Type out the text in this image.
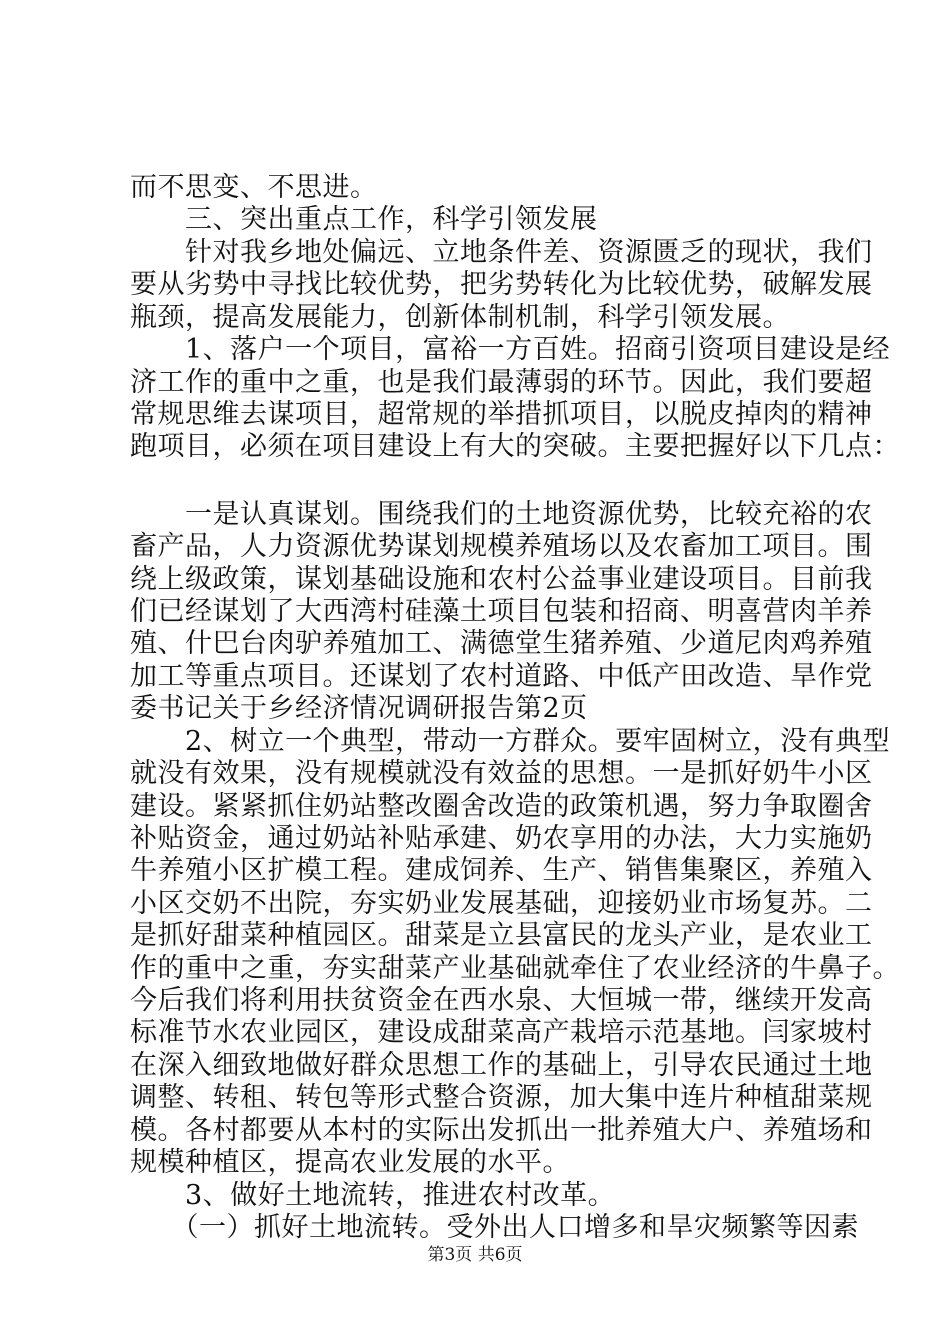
而不思变、不思进。
　　三、突出重点工作，科学引领发展
　　针对我乡地处偏远、立地条件差、资源匮乏的现状，我们
要从劣势中寻找比较优势，把劣势转化为比较优势，破解发展
瓶颈，提高发展能力，创新体制机制，科学引领发展。
　　1、落户一个项目，富裕一方百姓。招商引资项目建设是经
济工作的重中之重，也是我们最薄弱的环节。因此，我们要超
常规思维去谋项目，超常规的举措抓项目，以脱皮掉肉的精神
跑项目，必须在项目建设上有大的突破。主要把握好以下几点：
　　一是认真谋划。围绕我们的土地资源优势，比较充裕的农
畜产品，人力资源优势谋划规模养殖场以及农畜加工项目。围
绕上级政策，谋划基础设施和农村公益事业建设项目。目前我
们已经谋划了大西湾村硅藻土项目包装和招商、明喜营肉羊养
殖、什巴台肉驴养殖加工、满德堂生猪养殖、少道尼肉鸡养殖
加工等重点项目。还谋划了农村道路、中低产田改造、旱作党
委书记关于乡经济情况调研报告第2页
　　2、树立一个典型，带动一方群众。要牢固树立，没有典型
就没有效果，没有规模就没有效益的思想。一是抓好奶牛小区
建设。紧紧抓住奶站整改圈舍改造的政策机遇，努力争取圈舍
补贴资金，通过奶站补贴承建、奶农享用的办法，大力实施奶
牛养殖小区扩模工程。建成饲养、生产、销售集聚区，养殖入
小区交奶不出院，夯实奶业发展基础，迎接奶业市场复苏。二
是抓好甜菜种植园区。甜菜是立县富民的龙头产业，是农业工
作的重中之重，夯实甜菜产业基础就牵住了农业经济的牛鼻子。
今后我们将利用扶贫资金在西水泉、大恒城一带，继续开发高
标准节水农业园区，建设成甜菜高产栽培示范基地。闫家坡村
在深入细致地做好群众思想工作的基础上，引导农民通过土地
调整、转租、转包等形式整合资源，加大集中连片种植甜菜规
模。各村都要从本村的实际出发抓出一批养殖大户、养殖场和
规模种植区，提高农业发展的水平。
　　3、做好土地流转，推进农村改革。
　　（一）抓好土地流转。受外出人口增多和旱灾频繁等因素
第3页 共6页
